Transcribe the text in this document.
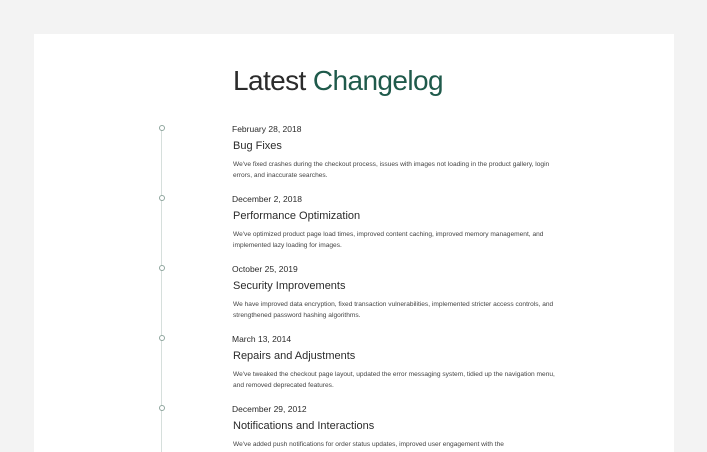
Latest Changelog
February 28, 2018
Bug Fixes
We've fixed crashes during the checkout process, issues with images not loading in the product gallery, login errors, and inaccurate searches.
December 2, 2018
Performance Optimization
We've optimized product page load times, improved content caching, improved memory management, and implemented lazy loading for images.
October 25, 2019
Security Improvements
We have improved data encryption, fixed transaction vulnerabilities, implemented stricter access controls, and strengthened password hashing algorithms.
March 13, 2014
Repairs and Adjustments
We've tweaked the checkout page layout, updated the error messaging system, tidied up the navigation menu, and removed deprecated features.
December 29, 2012
Notifications and Interactions
We've added push notifications for order status updates, improved user engagement with the
